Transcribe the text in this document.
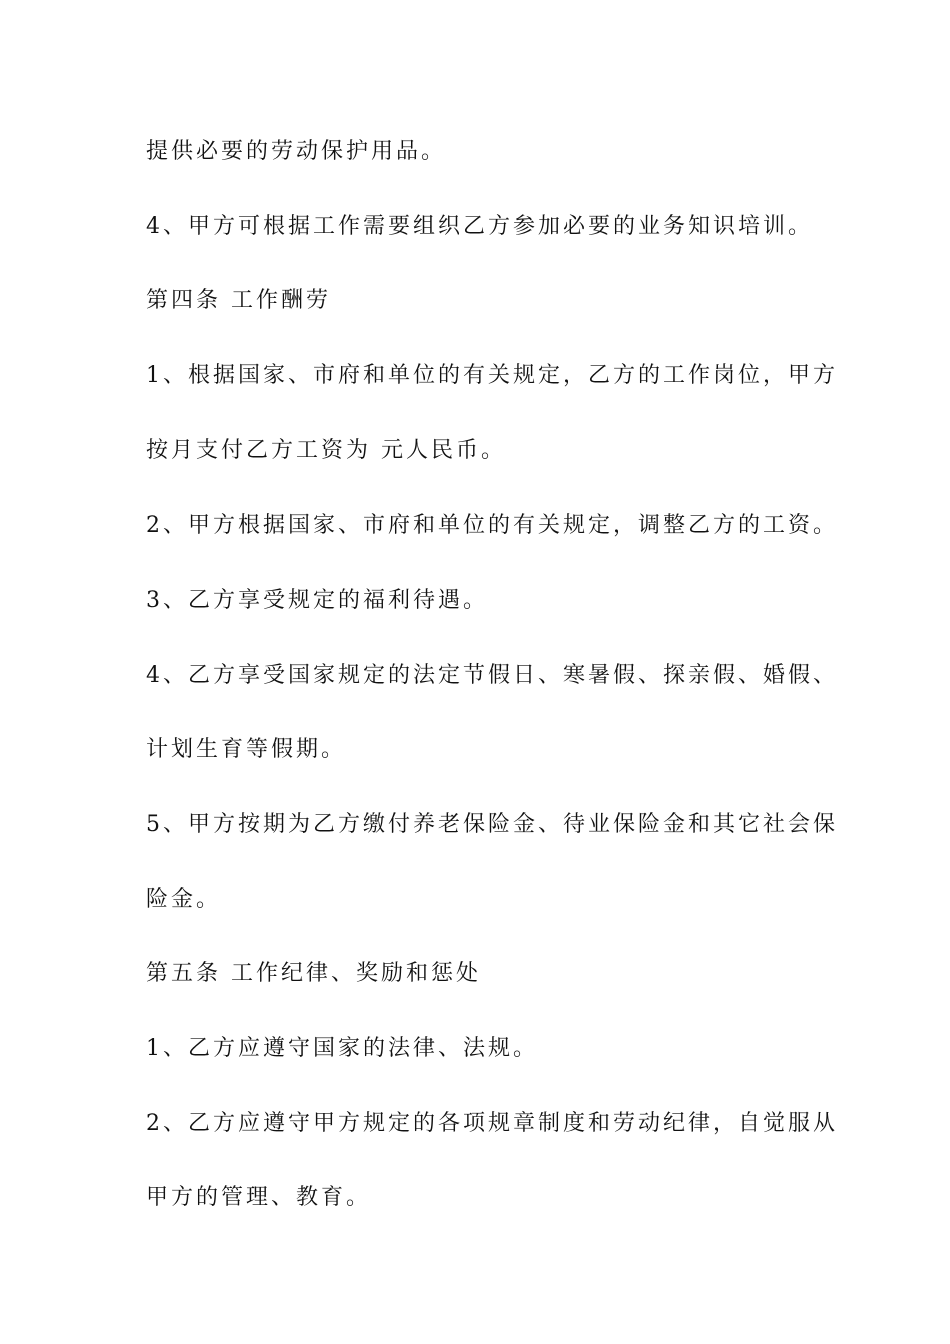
提供必要的劳动保护用品。

4、甲方可根据工作需要组织乙方参加必要的业务知识培训。

第四条 工作酬劳

1、根据国家、市府和单位的有关规定，乙方的工作岗位，甲方

按月支付乙方工资为 元人民币。

2、甲方根据国家、市府和单位的有关规定，调整乙方的工资。

3、乙方享受规定的福利待遇。

4、乙方享受国家规定的法定节假日、寒暑假、探亲假、婚假、

计划生育等假期。

5、甲方按期为乙方缴付养老保险金、待业保险金和其它社会保

险金。

第五条 工作纪律、奖励和惩处

1、乙方应遵守国家的法律、法规。

2、乙方应遵守甲方规定的各项规章制度和劳动纪律，自觉服从

甲方的管理、教育。
